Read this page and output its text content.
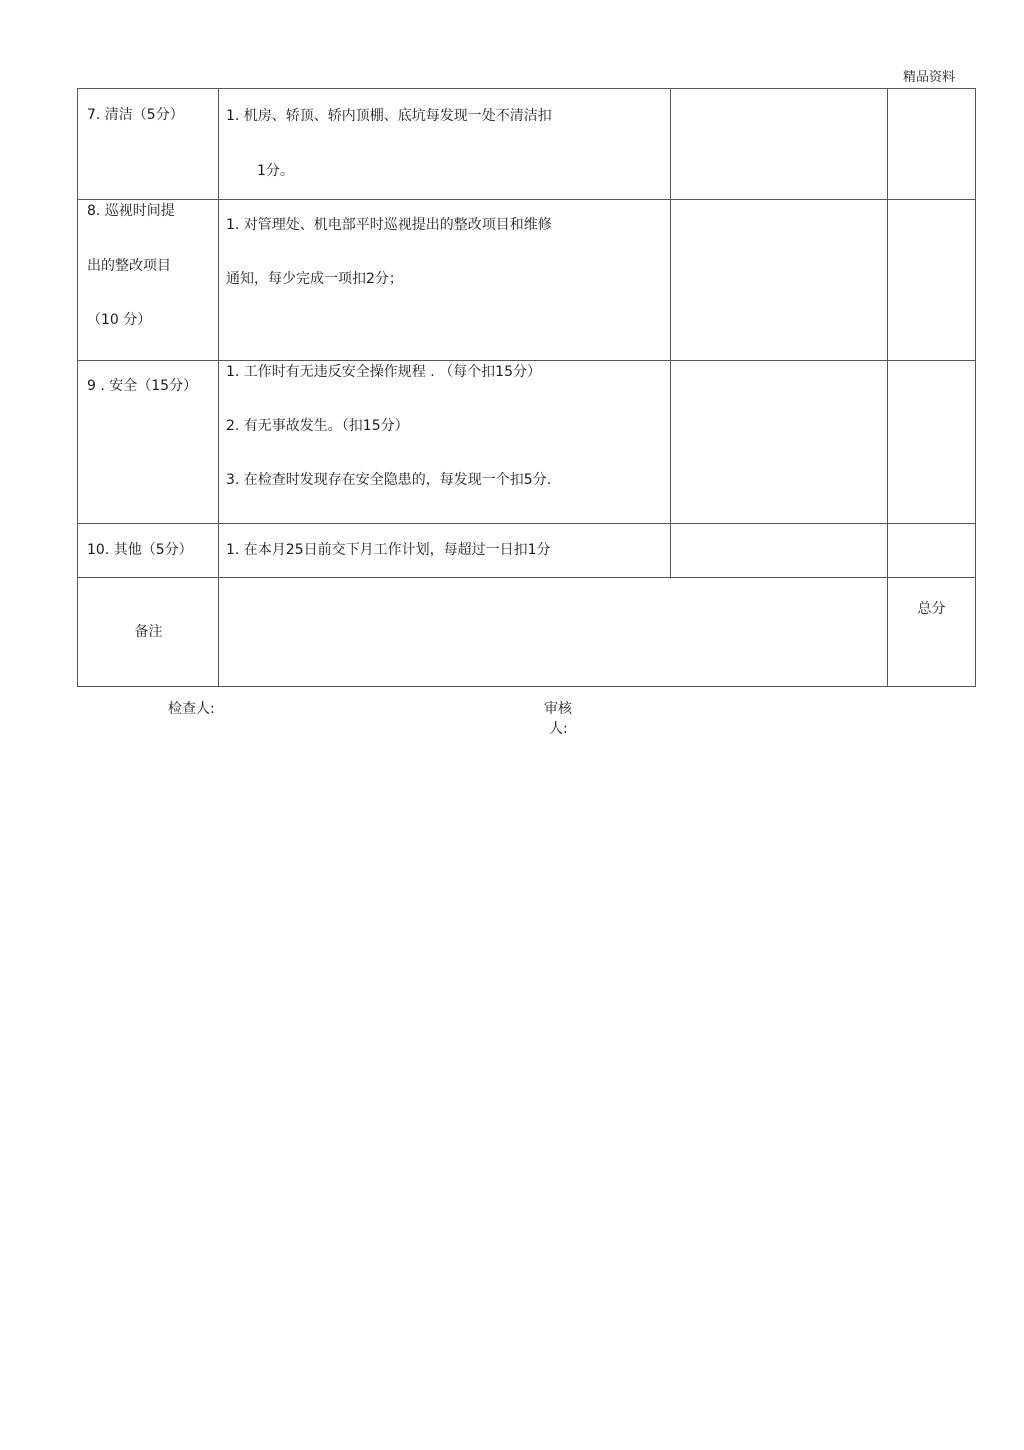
精品资料
7. 清洁（5分）	1. 机房、轿顶、轿内顶棚、底坑每发现一处不清洁扣
1分。		

8. 巡视时间提
出的整改项目
（10 分）	1. 对管理处、机电部平时巡视提出的整改项目和维修
通知，每少完成一项扣2分；		

9 . 安全（15分）	1. 工作时有无违反安全操作规程 . （每个扣15分）
2. 有无事故发生。（扣15分）
3. 在检查时发现存在安全隐患的，每发现一个扣5分.		

10. 其他（5分）	1. 在本月25日前交下月工作计划，每超过一日扣1分		

备注			总分
检查人:	审核
人:
